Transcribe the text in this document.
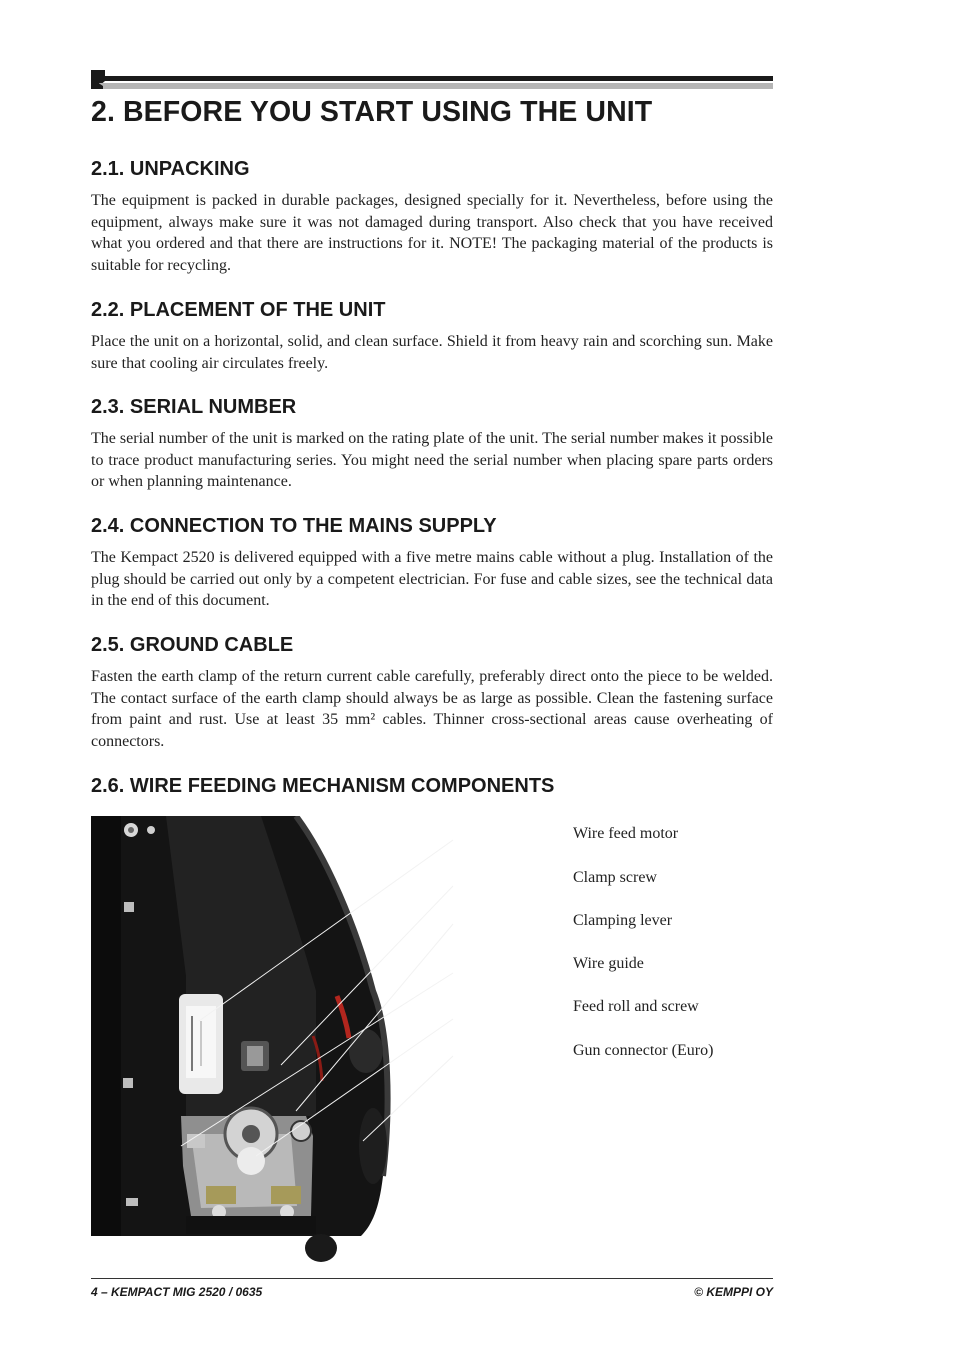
2. BEFORE YOU START USING THE UNIT
2.1. UNPACKING

The equipment is packed in durable packages, designed specially for it. Nevertheless, before using the equipment, always make sure it was not damaged during transport. Also check that you have received what you ordered and that there are instructions for it. NOTE! The packaging material of the products is suitable for recycling.

2.2. PLACEMENT OF THE UNIT

Place the unit on a horizontal, solid, and clean surface. Shield it from heavy rain and scorching sun. Make sure that cooling air circulates freely.

2.3. SERIAL NUMBER

The serial number of the unit is marked on the rating plate of the unit. The serial number makes it possible to trace product manufacturing series. You might need the serial number when placing spare parts orders or when planning maintenance.

2.4. CONNECTION TO THE MAINS SUPPLY

The Kempact 2520 is delivered equipped with a five metre mains cable without a plug. Installation of the plug should be carried out only by a competent electrician. For fuse and cable sizes, see the technical data in the end of this document.

2.5. GROUND CABLE

Fasten the earth clamp of the return current cable carefully, preferably direct onto the piece to be welded. The contact surface of the earth clamp should always be as large as possible. Clean the fastening surface from paint and rust. Use at least 35 mm² cables. Thinner cross-sectional areas cause overheating of connectors.

2.6. WIRE FEEDING MECHANISM COMPONENTS
Wire feed motor
Clamp screw
Clamping lever
Wire guide
Feed roll and screw
Gun connector (Euro)
4 – KEMPACT MIG 2520 / 0635	© KEMPPI OY
